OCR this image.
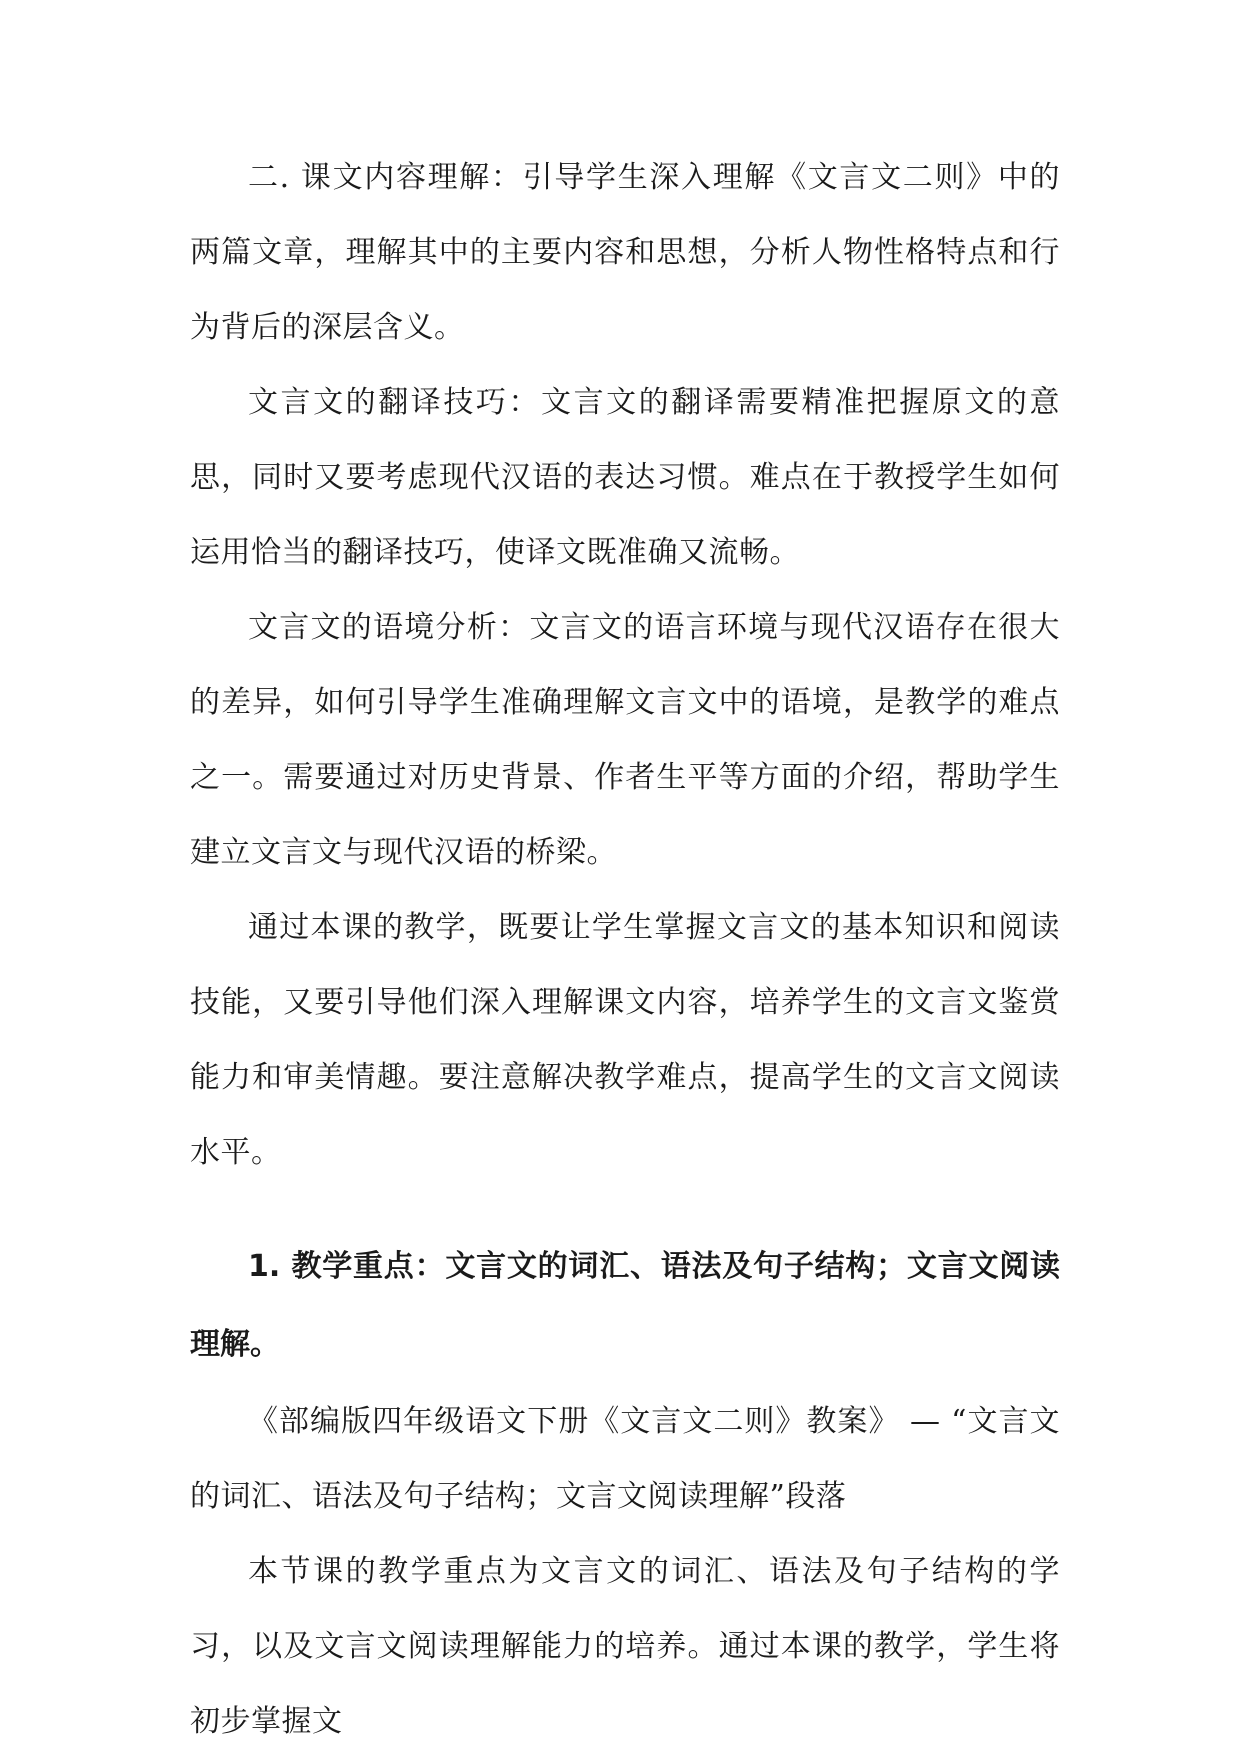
二. 课文内容理解：引导学生深入理解《文言文二则》中的两篇文章，理解其中的主要内容和思想，分析人物性格特点和行为背后的深层含义。

文言文的翻译技巧：文言文的翻译需要精准把握原文的意思，同时又要考虑现代汉语的表达习惯。难点在于教授学生如何运用恰当的翻译技巧，使译文既准确又流畅。

文言文的语境分析：文言文的语言环境与现代汉语存在很大的差异，如何引导学生准确理解文言文中的语境，是教学的难点之一。需要通过对历史背景、作者生平等方面的介绍，帮助学生建立文言文与现代汉语的桥梁。

通过本课的教学，既要让学生掌握文言文的基本知识和阅读技能，又要引导他们深入理解课文内容，培养学生的文言文鉴赏能力和审美情趣。要注意解决教学难点，提高学生的文言文阅读水平。

1. 教学重点：文言文的词汇、语法及句子结构；文言文阅读理解。

《部编版四年级语文下册《文言文二则》教案》 — “文言文的词汇、语法及句子结构；文言文阅读理解”段落

本节课的教学重点为文言文的词汇、语法及句子结构的学习，以及文言文阅读理解能力的培养。通过本课的教学，学生将初步掌握文
